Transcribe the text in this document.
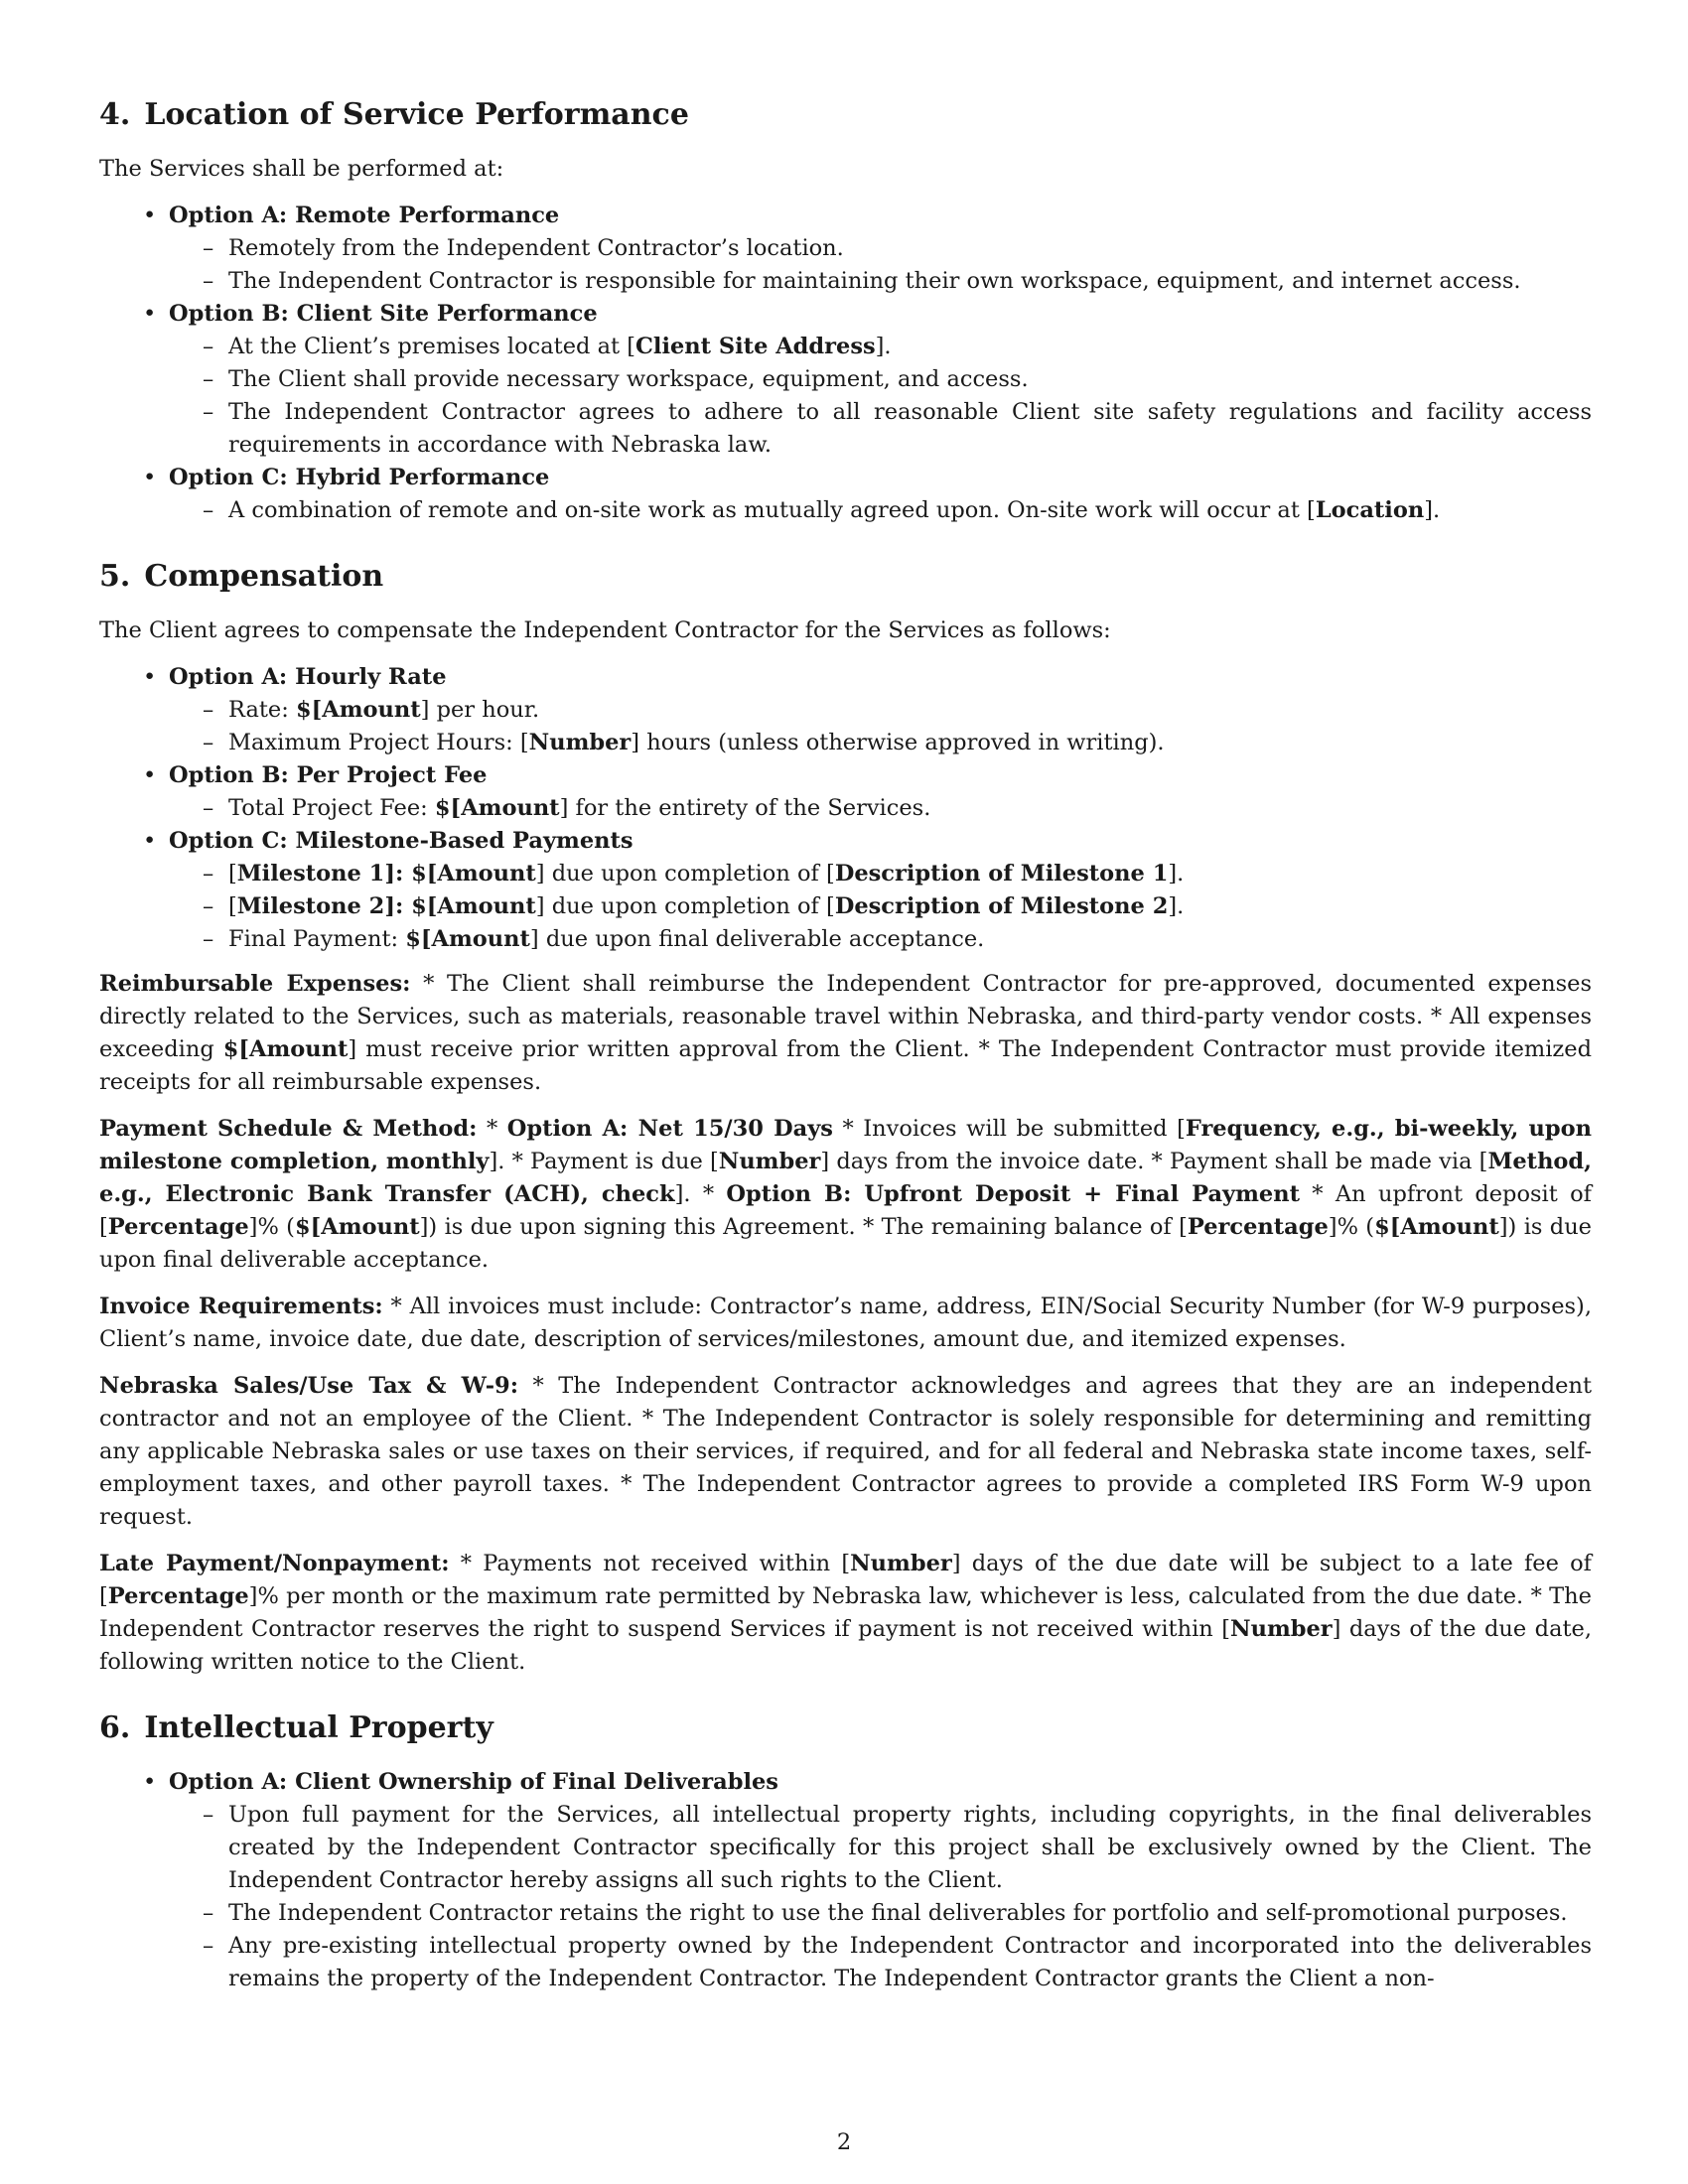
4. Location of Service Performance

The Services shall be performed at:

• Option A: Remote Performance
– Remotely from the Independent Contractor’s location.
– The Independent Contractor is responsible for maintaining their own workspace, equipment, and internet access.
• Option B: Client Site Performance
– At the Client’s premises located at [Client Site Address].
– The Client shall provide necessary workspace, equipment, and access.
– The Independent Contractor agrees to adhere to all reasonable Client site safety regulations and facility access requirements in accordance with Nebraska law.
• Option C: Hybrid Performance
– A combination of remote and on-site work as mutually agreed upon. On-site work will occur at [Location].
5. Compensation

The Client agrees to compensate the Independent Contractor for the Services as follows:

• Option A: Hourly Rate
– Rate: $[Amount] per hour.
– Maximum Project Hours: [Number] hours (unless otherwise approved in writing).
• Option B: Per Project Fee
– Total Project Fee: $[Amount] for the entirety of the Services.
• Option C: Milestone-Based Payments
– [Milestone 1]: $[Amount] due upon completion of [Description of Milestone 1].
– [Milestone 2]: $[Amount] due upon completion of [Description of Milestone 2].
– Final Payment: $[Amount] due upon final deliverable acceptance.

Reimbursable Expenses: * The Client shall reimburse the Independent Contractor for pre-approved, documented expenses directly related to the Services, such as materials, reasonable travel within Nebraska, and third-party vendor costs. * All expenses exceeding $[Amount] must receive prior written approval from the Client. * The Independent Contractor must provide itemized receipts for all reimbursable expenses.

Payment Schedule & Method: * Option A: Net 15/30 Days * Invoices will be submitted [Frequency, e.g., bi-weekly, upon milestone completion, monthly]. * Payment is due [Number] days from the invoice date. * Payment shall be made via [Method, e.g., Electronic Bank Transfer (ACH), check]. * Option B: Upfront Deposit + Final Payment * An upfront deposit of [Percentage]% ($[Amount]) is due upon signing this Agreement. * The remaining balance of [Percentage]% ($[Amount]) is due upon final deliverable acceptance.

Invoice Requirements: * All invoices must include: Contractor’s name, address, EIN/Social Security Number (for W-9 purposes), Client’s name, invoice date, due date, description of services/milestones, amount due, and itemized expenses.

Nebraska Sales/Use Tax & W-9: * The Independent Contractor acknowledges and agrees that they are an independent contractor and not an employee of the Client. * The Independent Contractor is solely responsible for determining and remitting any applicable Nebraska sales or use taxes on their services, if required, and for all federal and Nebraska state income taxes, self-employment taxes, and other payroll taxes. * The Independent Contractor agrees to provide a completed IRS Form W-9 upon request.

Late Payment/Nonpayment: * Payments not received within [Number] days of the due date will be subject to a late fee of [Percentage]% per month or the maximum rate permitted by Nebraska law, whichever is less, calculated from the due date. * The Independent Contractor reserves the right to suspend Services if payment is not received within [Number] days of the due date, following written notice to the Client.

6. Intellectual Property
• Option A: Client Ownership of Final Deliverables
– Upon full payment for the Services, all intellectual property rights, including copyrights, in the final deliverables created by the Independent Contractor specifically for this project shall be exclusively owned by the Client. The Independent Contractor hereby assigns all such rights to the Client.
– The Independent Contractor retains the right to use the final deliverables for portfolio and self-promotional purposes.
– Any pre-existing intellectual property owned by the Independent Contractor and incorporated into the deliverables remains the property of the Independent Contractor. The Independent Contractor grants the Client a non-
2
